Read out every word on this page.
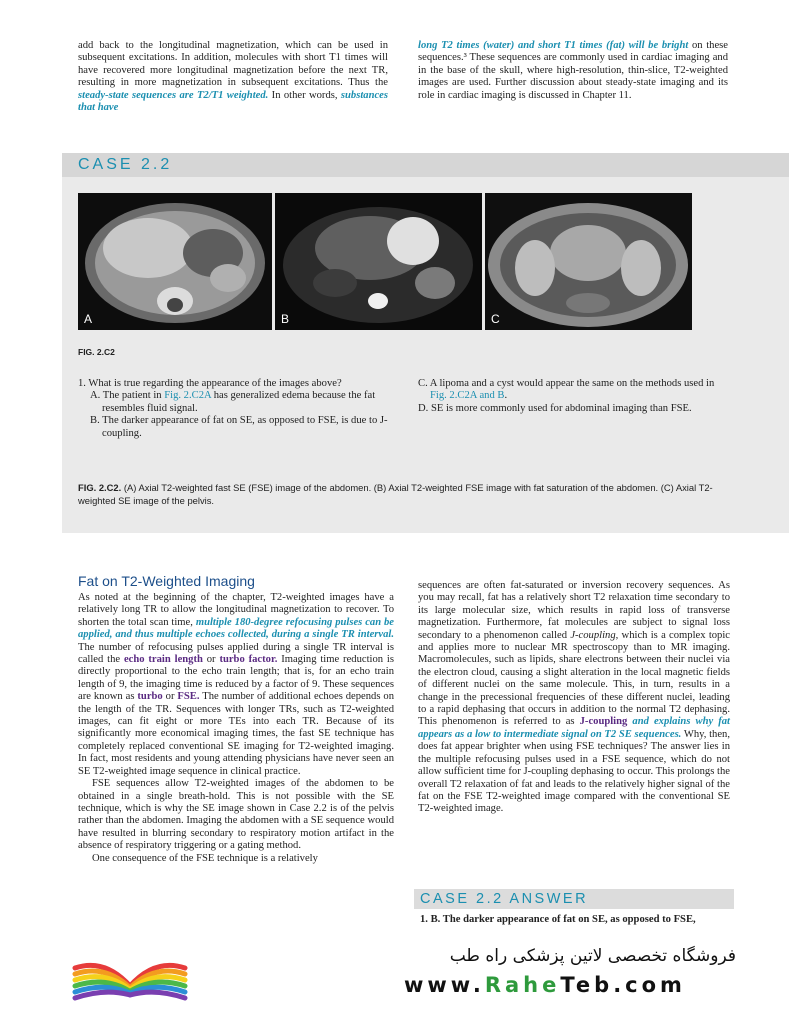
add back to the longitudinal magnetization, which can be used in subsequent excitations. In addition, molecules with short T1 times will have recovered more longitudinal magnetization before the next TR, resulting in more magnetization in subsequent excitations. Thus the steady-state sequences are T2/T1 weighted. In other words, substances that have

long T2 times (water) and short T1 times (fat) will be bright on these sequences.³ These sequences are commonly used in cardiac imaging and in the base of the skull, where high-resolution, thin-slice, T2-weighted images are used. Further discussion about steady-state imaging and its role in cardiac imaging is discussed in Chapter 11.

CASE 2.2
A	B	C
FIG. 2.C2
1. What is true regarding the appearance of the images above?
A. The patient in Fig. 2.C2A has generalized edema because the fat resembles fluid signal.
B. The darker appearance of fat on SE, as opposed to FSE, is due to J-coupling.
C. A lipoma and a cyst would appear the same on the methods used in Fig. 2.C2A and B.
D. SE is more commonly used for abdominal imaging than FSE.
FIG. 2.C2. (A) Axial T2-weighted fast SE (FSE) image of the abdomen. (B) Axial T2-weighted FSE image with fat saturation of the abdomen. (C) Axial T2-weighted SE image of the pelvis.
Fat on T2-Weighted Imaging

As noted at the beginning of the chapter, T2-weighted images have a relatively long TR to allow the longitudinal magnetization to recover. To shorten the total scan time, multiple 180-degree refocusing pulses can be applied, and thus multiple echoes collected, during a single TR interval. The number of refocusing pulses applied during a single TR interval is called the echo train length or turbo factor. Imaging time reduction is directly proportional to the echo train length; that is, for an echo train length of 9, the imaging time is reduced by a factor of 9. These sequences are known as turbo or FSE. The number of additional echoes depends on the length of the TR. Sequences with longer TRs, such as T2-weighted images, can fit eight or more TEs into each TR. Because of its significantly more economical imaging times, the fast SE technique has completely replaced conventional SE imaging for T2-weighted imaging. In fact, most residents and young attending physicians have never seen an SE T2-weighted image sequence in clinical practice.

FSE sequences allow T2-weighted images of the abdomen to be obtained in a single breath-hold. This is not possible with the SE technique, which is why the SE image shown in Case 2.2 is of the pelvis rather than the abdomen. Imaging the abdomen with a SE sequence would have resulted in blurring secondary to respiratory motion artifact in the absence of respiratory triggering or a gating method.

One consequence of the FSE technique is a relatively

sequences are often fat-saturated or inversion recovery sequences. As you may recall, fat has a relatively short T2 relaxation time secondary to its large molecular size, which results in rapid loss of transverse magnetization. Furthermore, fat molecules are subject to signal loss secondary to a phenomenon called J-coupling, which is a complex topic and applies more to nuclear MR spectroscopy than to MR imaging. Macromolecules, such as lipids, share electrons between their nuclei via the electron cloud, causing a slight alteration in the local magnetic fields of different nuclei on the same molecule. This, in turn, results in a change in the precessional frequencies of these different nuclei, leading to a rapid dephasing that occurs in addition to the normal T2 dephasing. This phenomenon is referred to as J-coupling and explains why fat appears as a low to intermediate signal on T2 SE sequences. Why, then, does fat appear brighter when using FSE techniques? The answer lies in the multiple refocusing pulses used in a FSE sequence, which do not allow sufficient time for J-coupling dephasing to occur. This prolongs the overall T2 relaxation of fat and leads to the relatively higher signal of the fat on the FSE T2-weighted image compared with the conventional SE T2-weighted image.

CASE 2.2 ANSWER
1. B. The darker appearance of fat on SE, as opposed to FSE,
فروشگاه تخصصی لاتین پزشکی راه طب
www.RaheTeb.com
